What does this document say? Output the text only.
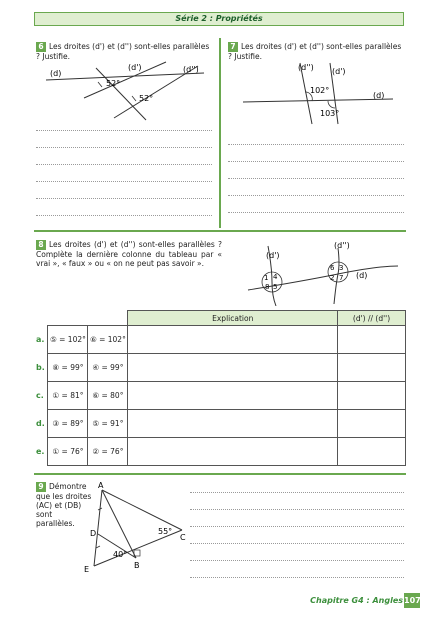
Série 2 : Propriétés
6 Les droites (d') et (d'') sont-elles parallèles ? Justifie.
(d)
(d')	(d'')
52°
52°
7 Les droites (d') et (d'') sont-elles parallèles ? Justifie.
(d'') (d')
(d)
102°
103°
8 Les droites (d') et (d'') sont-elles parallèles ? Complète la dernière colonne du tableau par « vrai », « faux » ou « on ne peut pas savoir ».
(d')
(d'')
(d)
1 4
8 5
6 3
2 7
			Explication	(d') // (d'')
a.	⑤ = 102°	⑥ = 102°		
b.	⑧ = 99°	④ = 99°		
c.	① = 81°	⑥ = 80°		
d.	③ = 89°	⑤ = 91°		
e.	① = 76°	② = 76°		
9 Démontre que les droites (AC) et (DB) sont parallèles.
A
B
C
D
E
55°
40°
Chapitre G4 : Angles 107
